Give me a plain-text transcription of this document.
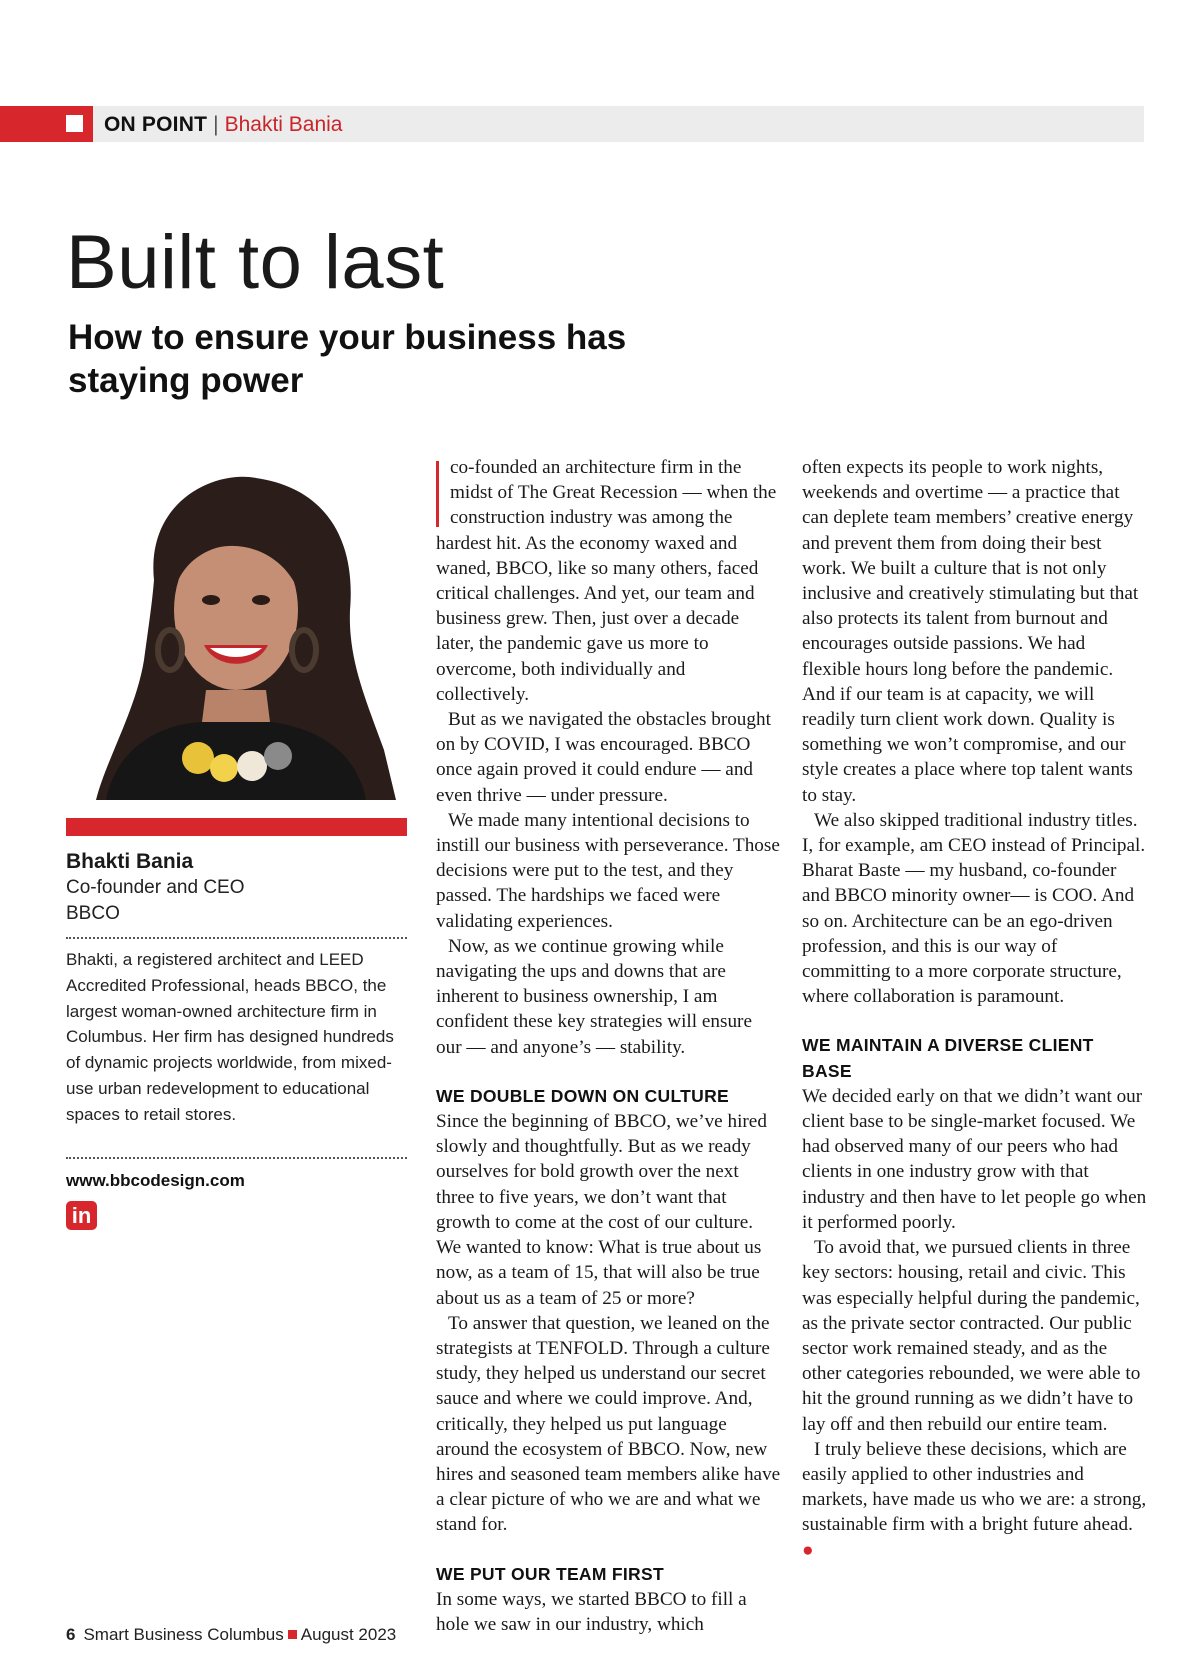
ON POINT | Bhakti Bania
Built to last
How to ensure your business has staying power
Bhakti Bania
Co-founder and CEO
BBCO

Bhakti, a registered architect and LEED Accredited Professional, heads BBCO, the largest woman-owned architecture firm in Columbus. Her firm has designed hundreds of dynamic projects worldwide, from mixed-use urban redevelopment to educational spaces to retail stores.

www.bbcodesign.com
in

co-founded an architecture firm in the midst of The Great Recession — when the construction industry was among the hardest hit. As the economy waxed and waned, BBCO, like so many others, faced critical challenges. And yet, our team and business grew. Then, just over a decade later, the pandemic gave us more to overcome, both individually and collectively.

But as we navigated the obstacles brought on by COVID, I was encouraged. BBCO once again proved it could endure — and even thrive — under pressure.

We made many intentional decisions to instill our business with perseverance. Those decisions were put to the test, and they passed. The hardships we faced were validating experiences.

Now, as we continue growing while navigating the ups and downs that are inherent to business ownership, I am confident these key strategies will ensure our — and anyone’s — stability.

WE DOUBLE DOWN ON CULTURE

Since the beginning of BBCO, we’ve hired slowly and thoughtfully. But as we ready ourselves for bold growth over the next three to five years, we don’t want that growth to come at the cost of our culture. We wanted to know: What is true about us now, as a team of 15, that will also be true about us as a team of 25 or more?

To answer that question, we leaned on the strategists at TENFOLD. Through a culture study, they helped us understand our secret sauce and where we could improve. And, critically, they helped us put language around the ecosystem of BBCO. Now, new hires and seasoned team members alike have a clear picture of who we are and what we stand for.

WE PUT OUR TEAM FIRST

In some ways, we started BBCO to fill a hole we saw in our industry, which

often expects its people to work nights, weekends and overtime — a practice that can deplete team members’ creative energy and prevent them from doing their best work. We built a culture that is not only inclusive and creatively stimulating but that also protects its talent from burnout and encourages outside passions. We had flexible hours long before the pandemic. And if our team is at capacity, we will readily turn client work down. Quality is something we won’t compromise, and our style creates a place where top talent wants to stay.

We also skipped traditional industry titles. I, for example, am CEO instead of Principal. Bharat Baste — my husband, co-founder and BBCO minority owner— is COO. And so on. Architecture can be an ego-driven profession, and this is our way of committing to a more corporate structure, where collaboration is paramount.

WE MAINTAIN A DIVERSE CLIENT BASE

We decided early on that we didn’t want our client base to be single-market focused. We had observed many of our peers who had clients in one industry grow with that industry and then have to let people go when it performed poorly.

To avoid that, we pursued clients in three key sectors: housing, retail and civic. This was especially helpful during the pandemic, as the private sector contracted. Our public sector work remained steady, and as the other categories rebounded, we were able to hit the ground running as we didn’t have to lay off and then rebuild our entire team.

I truly believe these decisions, which are easily applied to other industries and markets, have made us who we are: a strong, sustainable firm with a bright future ahead. ●

6 Smart Business Columbus August 2023
